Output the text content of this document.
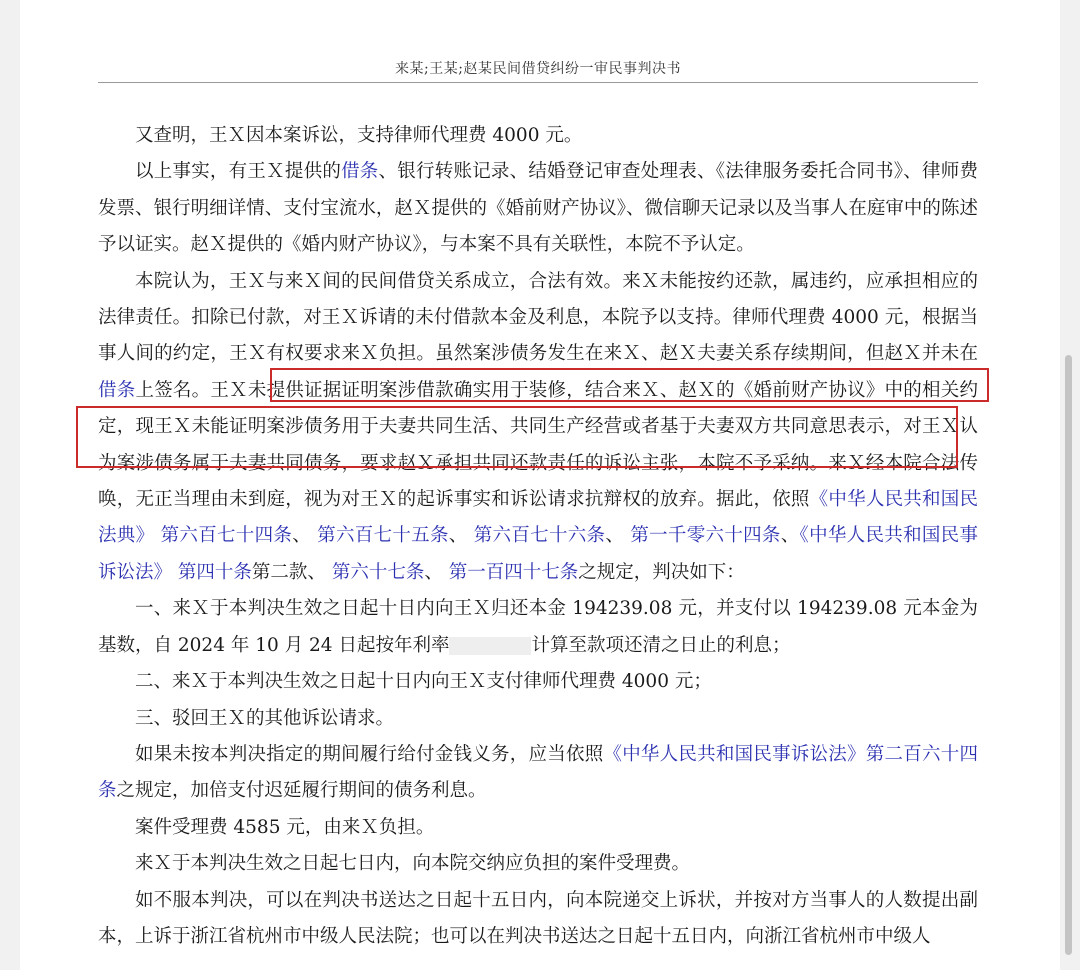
来某;王某;赵某民间借贷纠纷一审民事判决书

又查明，王Ｘ因本案诉讼，支持律师代理费 4000 元。

以上事实，有王Ｘ提供的借条、银行转账记录、结婚登记审查处理表、《法律服务委托合同书》、律师费发票、银行明细详情、支付宝流水，赵Ｘ提供的《婚前财产协议》、微信聊天记录以及当事人在庭审中的陈述予以证实。赵Ｘ提供的《婚内财产协议》，与本案不具有关联性，本院不予认定。

本院认为，王Ｘ与来Ｘ间的民间借贷关系成立，合法有效。来Ｘ未能按约还款，属违约，应承担相应的法律责任。扣除已付款，对王Ｘ诉请的未付借款本金及利息，本院予以支持。律师代理费 4000 元，根据当事人间的约定，王Ｘ有权要求来Ｘ负担。虽然案涉债务发生在来Ｘ、赵Ｘ夫妻关系存续期间，但赵Ｘ并未在 借条上签名。王Ｘ未提供证据证明案涉借款确实用于装修，结合来Ｘ、赵Ｘ的《婚前财产协议》中的相关约定，现王Ｘ未能证明案涉债务用于夫妻共同生活、共同生产经营或者基于夫妻双方共同意思表示，对王Ｘ认为案涉债务属于夫妻共同债务，要求赵Ｘ承担共同还款责任的诉讼主张，本院不予采纳。来Ｘ经本院合法传唤，无正当理由未到庭，视为对王Ｘ的起诉事实和诉讼请求抗辩权的放弃。据此，依照《中华人民共和国民法典》 第六百七十四条、 第六百七十五条、 第六百七十六条、 第一千零六十四条、《中华人民共和国民事诉讼法》 第四十条第二款、 第六十七条、 第一百四十七条之规定，判决如下：

一、来Ｘ于本判决生效之日起十日内向王Ｘ归还本金 194239.08 元，并支付以 194239.08 元本金为基数，自 2024 年 10 月 24 日起按年利率	计算至款项还清之日止的利息；

二、来Ｘ于本判决生效之日起十日内向王Ｘ支付律师代理费 4000 元；

三、驳回王Ｘ的其他诉讼请求。

如果未按本判决指定的期间履行给付金钱义务，应当依照《中华人民共和国民事诉讼法》第二百六十四条之规定，加倍支付迟延履行期间的债务利息。

案件受理费 4585 元，由来Ｘ负担。

来Ｘ于本判决生效之日起七日内，向本院交纳应负担的案件受理费。

如不服本判决，可以在判决书送达之日起十五日内，向本院递交上诉状，并按对方当事人的人数提出副本，上诉于浙江省杭州市中级人民法院；也可以在判决书送达之日起十五日内，向浙江省杭州市中级人
